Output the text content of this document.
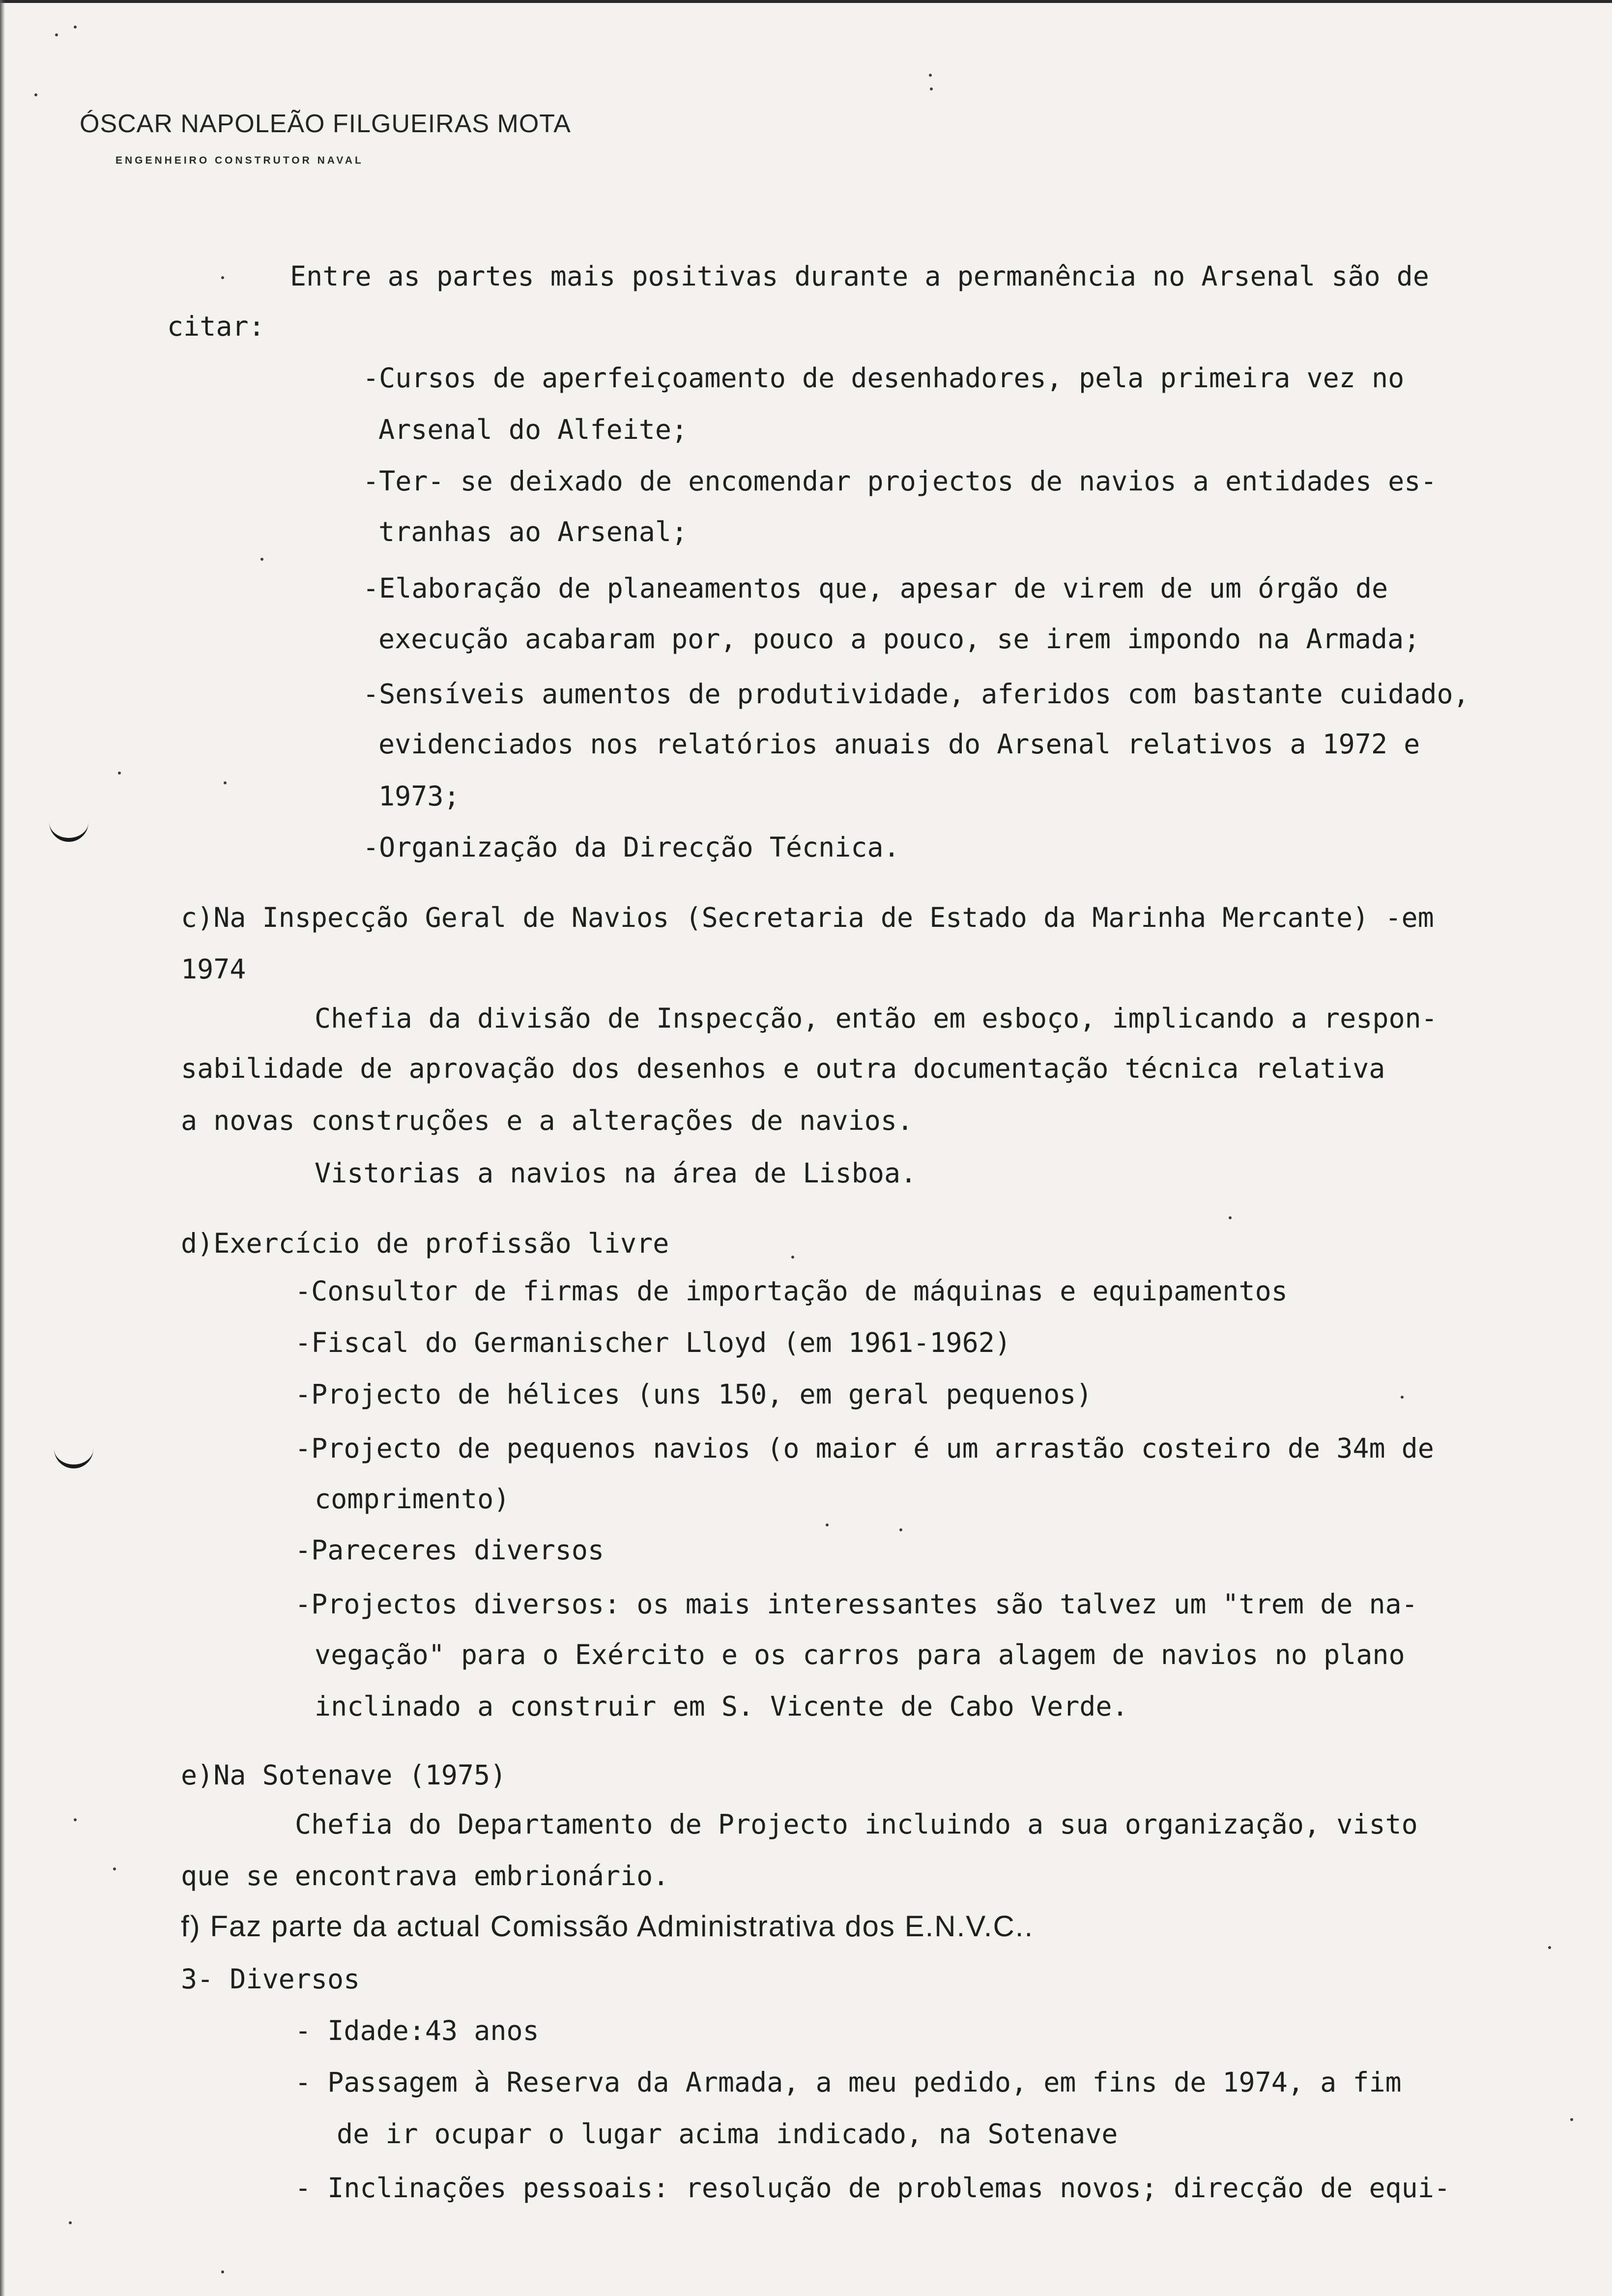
ÓSCAR NAPOLEÃO FILGUEIRAS MOTA
ENGENHEIRO CONSTRUTOR NAVAL
Entre as partes mais positivas durante a permanência no Arsenal são de
citar:
-Cursos de aperfeiçoamento de desenhadores, pela primeira vez no
Arsenal do Alfeite;
-Ter- se deixado de encomendar projectos de navios a entidades es-
tranhas ao Arsenal;
-Elaboração de planeamentos que, apesar de virem de um órgão de
execução acabaram por, pouco a pouco, se irem impondo na Armada;
-Sensíveis aumentos de produtividade, aferidos com bastante cuidado,
evidenciados nos relatórios anuais do Arsenal relativos a 1972 e
1973;
-Organização da Direcção Técnica.
c)Na Inspecção Geral de Navios (Secretaria de Estado da Marinha Mercante) -em
1974
Chefia da divisão de Inspecção, então em esboço, implicando a respon-
sabilidade de aprovação dos desenhos e outra documentação técnica relativa
a novas construções e a alterações de navios.
Vistorias a navios na área de Lisboa.
d)Exercício de profissão livre
-Consultor de firmas de importação de máquinas e equipamentos
-Fiscal do Germanischer Lloyd (em 1961-1962)
-Projecto de hélices (uns 150, em geral pequenos)
-Projecto de pequenos navios (o maior é um arrastão costeiro de 34m de
comprimento)
-Pareceres diversos
-Projectos diversos: os mais interessantes são talvez um "trem de na-
vegação" para o Exército e os carros para alagem de navios no plano
inclinado a construir em S. Vicente de Cabo Verde.
e)Na Sotenave (1975)
Chefia do Departamento de Projecto incluindo a sua organização, visto
que se encontrava embrionário.
f) Faz parte da actual Comissão Administrativa dos E.N.V.C..
3- Diversos
- Idade:43 anos
- Passagem à Reserva da Armada, a meu pedido, em fins de 1974, a fim
de ir ocupar o lugar acima indicado, na Sotenave
- Inclinações pessoais: resolução de problemas novos; direcção de equi-
